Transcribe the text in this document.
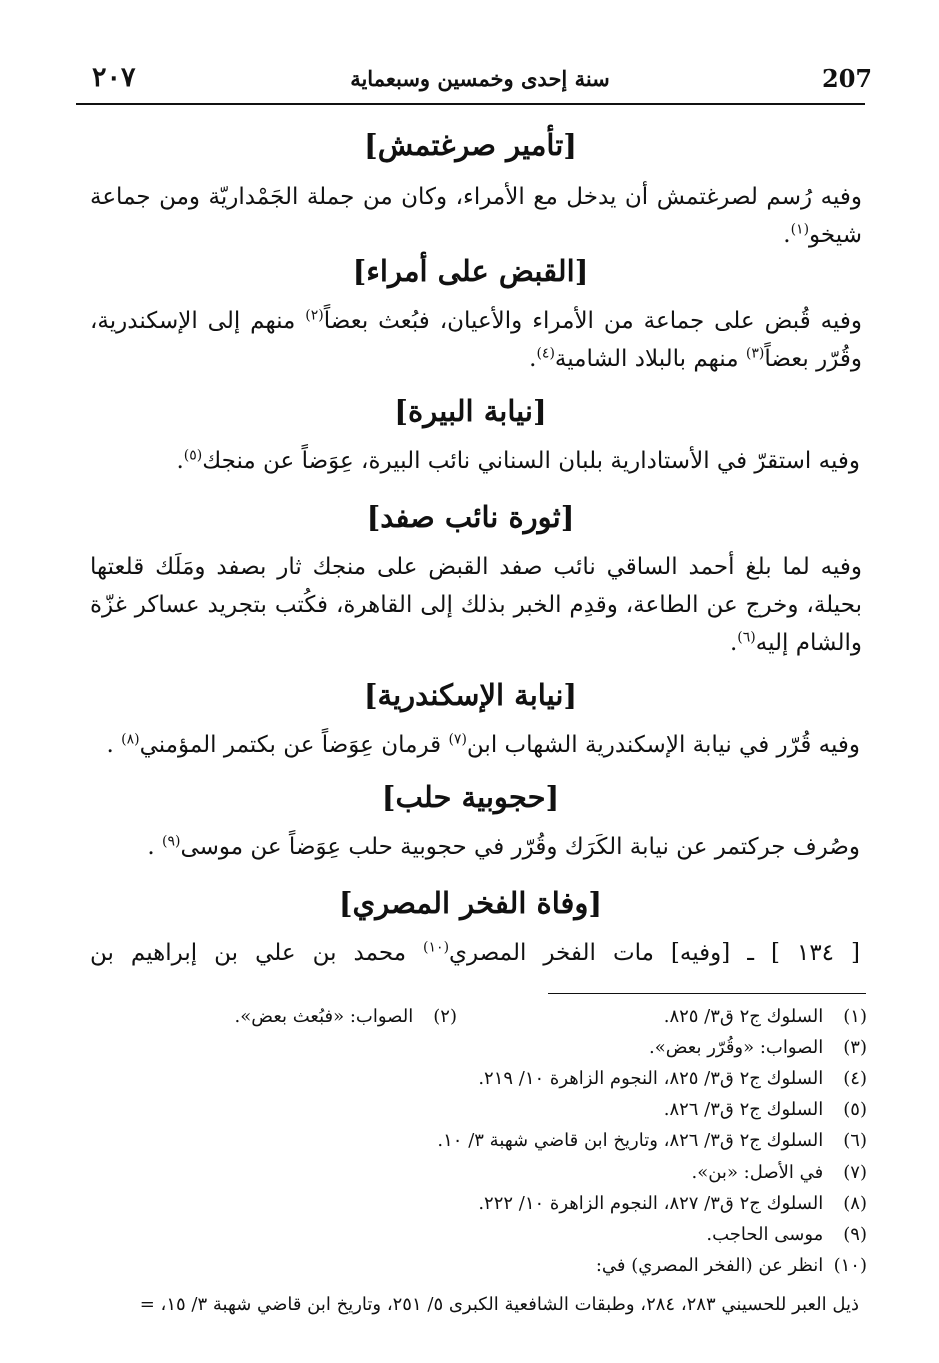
207
سنة إحدى وخمسين وسبعماية
٢٠٧
[تأمير صرغتمش]
وفيه رُسم لصرغتمش أن يدخل مع الأمراء، وكان من جملة الجَمْداريّة ومن جماعة شيخو$^{(١)}$.
[القبض على أمراء]
وفيه قُبض على جماعة من الأمراء والأعيان، فبُعث بعضاً$^{(٢)}$ منهم إلى الإسكندرية، وقُرّر بعضاً$^{(٣)}$ منهم بالبلاد الشامية$^{(٤)}$.
[نيابة البيرة]
وفيه استقرّ في الأستادارية بلبان السناني نائب البيرة، عِوَضاً عن منجك$^{(٥)}$.
[ثورة نائب صفد]
وفيه لما بلغ أحمد الساقي نائب صفد القبض على منجك ثار بصفد ومَلَك قلعتها بحيلة، وخرج عن الطاعة، وقدِم الخبر بذلك إلى القاهرة، فكُتب بتجريد عساكر غزّة والشام إليه$^{(٦)}$.
[نيابة الإسكندرية]
وفيه قُرّر في نيابة الإسكندرية الشهاب ابن$^{(٧)}$ قرمان عِوَضاً عن بكتمر المؤمني$^{(٨)}$ .
[حجوبية حلب]
وصُرف جركتمر عن نيابة الكَرَك وقُرّر في حجوبية حلب عِوَضاً عن موسى$^{(٩)}$ .
[وفاة الفخر المصري]
[ ١٣٤ ] ـ [وفيه] مات الفخر المصري$^{(١٠)}$ محمد بن علي بن إبراهيم بن
(١) السلوك ج٢ ق٣/ ٨٢٥.
(٢) الصواب: «فبُعث بعض».
(٣) الصواب: «وقُرّر بعض».
(٤) السلوك ج٢ ق٣/ ٨٢٥، النجوم الزاهرة ١٠/ ٢١٩.
(٥) السلوك ج٢ ق٣/ ٨٢٦.
(٦) السلوك ج٢ ق٣/ ٨٢٦، وتاريخ ابن قاضي شهبة ٣/ ١٠.
(٧) في الأصل: «بن».
(٨) السلوك ج٢ ق٣/ ٨٢٧، النجوم الزاهرة ١٠/ ٢٢٢.
(٩) موسى الحاجب.
(١٠) انظر عن (الفخر المصري) في:
ذيل العبر للحسيني ٢٨٣، ٢٨٤، وطبقات الشافعية الكبرى ٥/ ٢٥١، وتاريخ ابن قاضي شهبة ٣/ ١٥، =
